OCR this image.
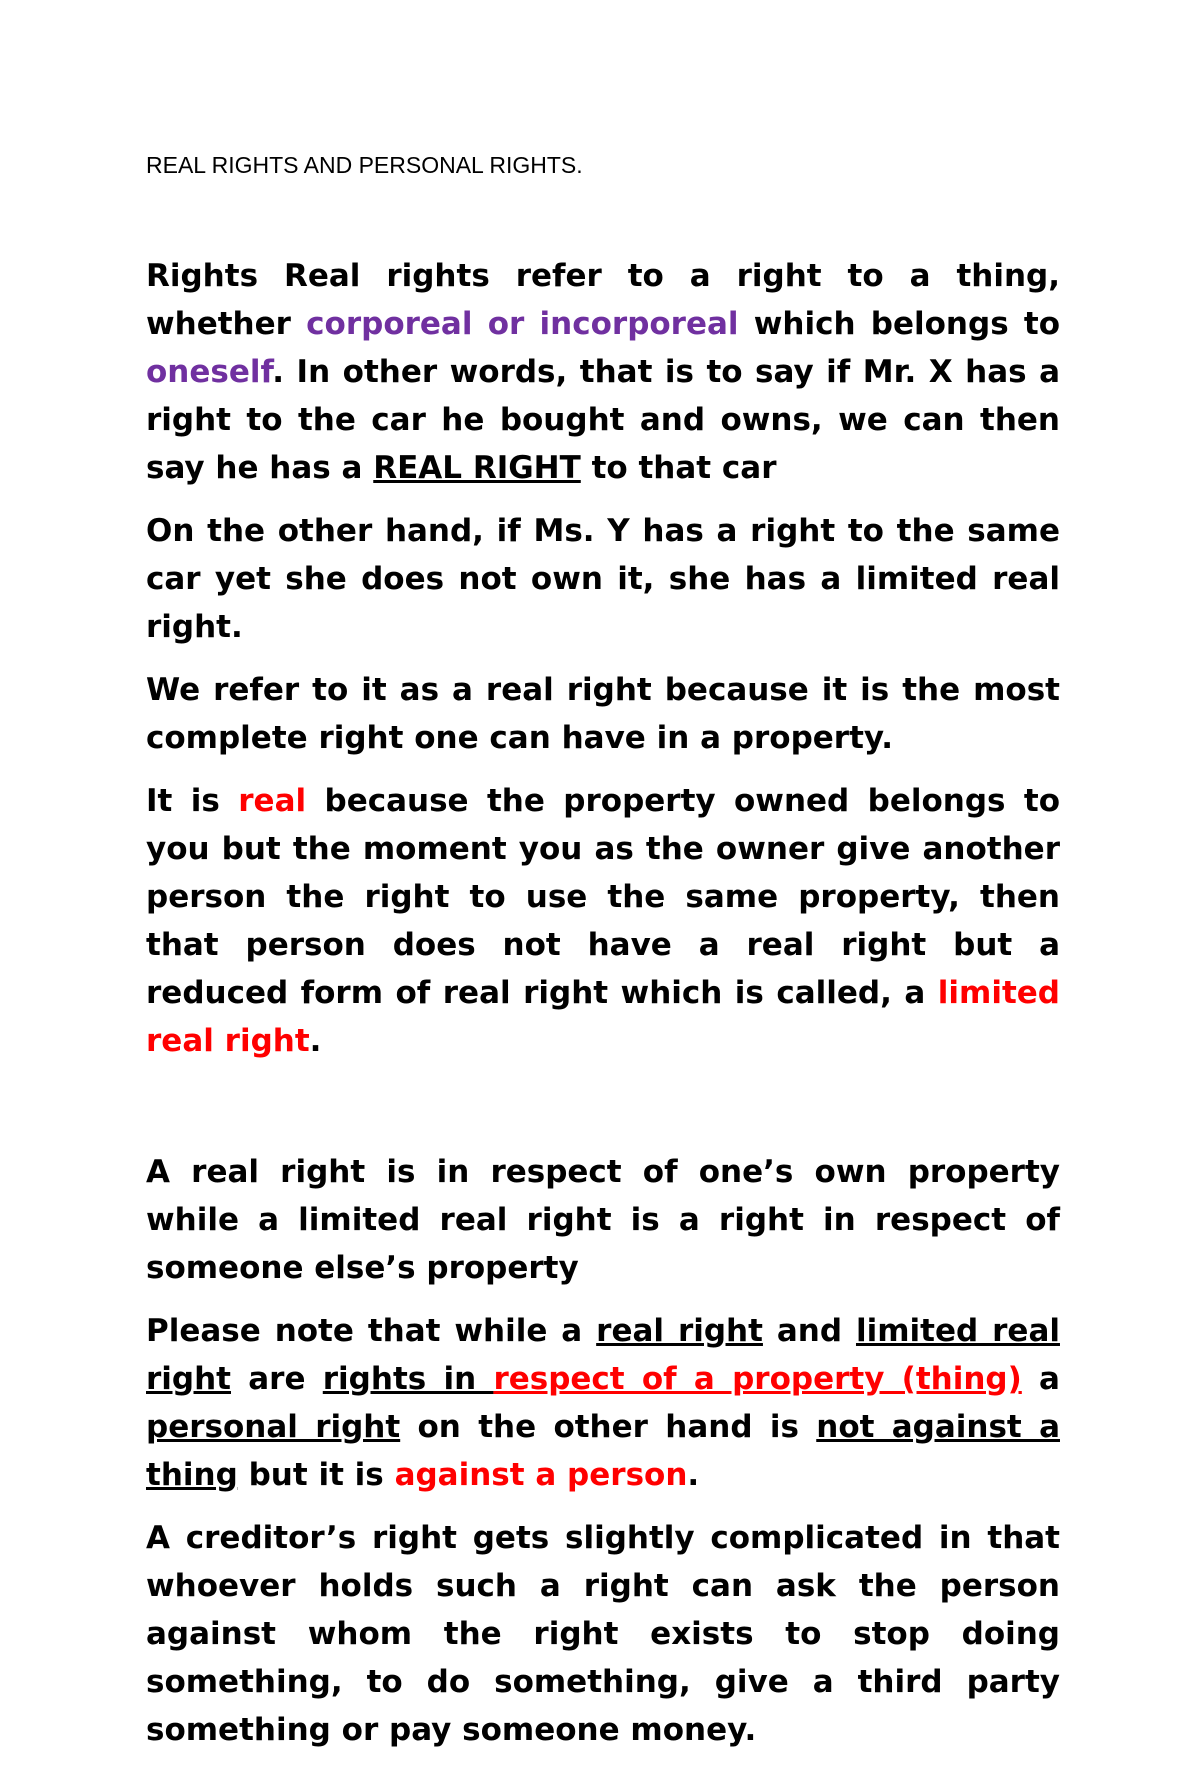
REAL RIGHTS AND PERSONAL RIGHTS.

Rights Real rights refer to a right to a thing, whether corporeal or incorporeal which belongs to oneself. In other words, that is to say if Mr. X has a right to the car he bought and owns, we can then say he has a REAL RIGHT to that car

On the other hand, if Ms. Y has a right to the same car yet she does not own it, she has a limited real right.

We refer to it as a real right because it is the most complete right one can have in a property.

It is real because the property owned belongs to you but the moment you as the owner give another person the right to use the same property, then that person does not have a real right but a reduced form of real right which is called, a limited real right.

A real right is in respect of one’s own property while a limited real right is a right in respect of someone else’s property

Please note that while a real right and limited real right are rights in respect of a property (thing) a personal right on the other hand is not against a thing but it is against a person.

A creditor’s right gets slightly complicated in that whoever holds such a right can ask the person against whom the right exists to stop doing something, to do something, give a third party something or pay someone money.
